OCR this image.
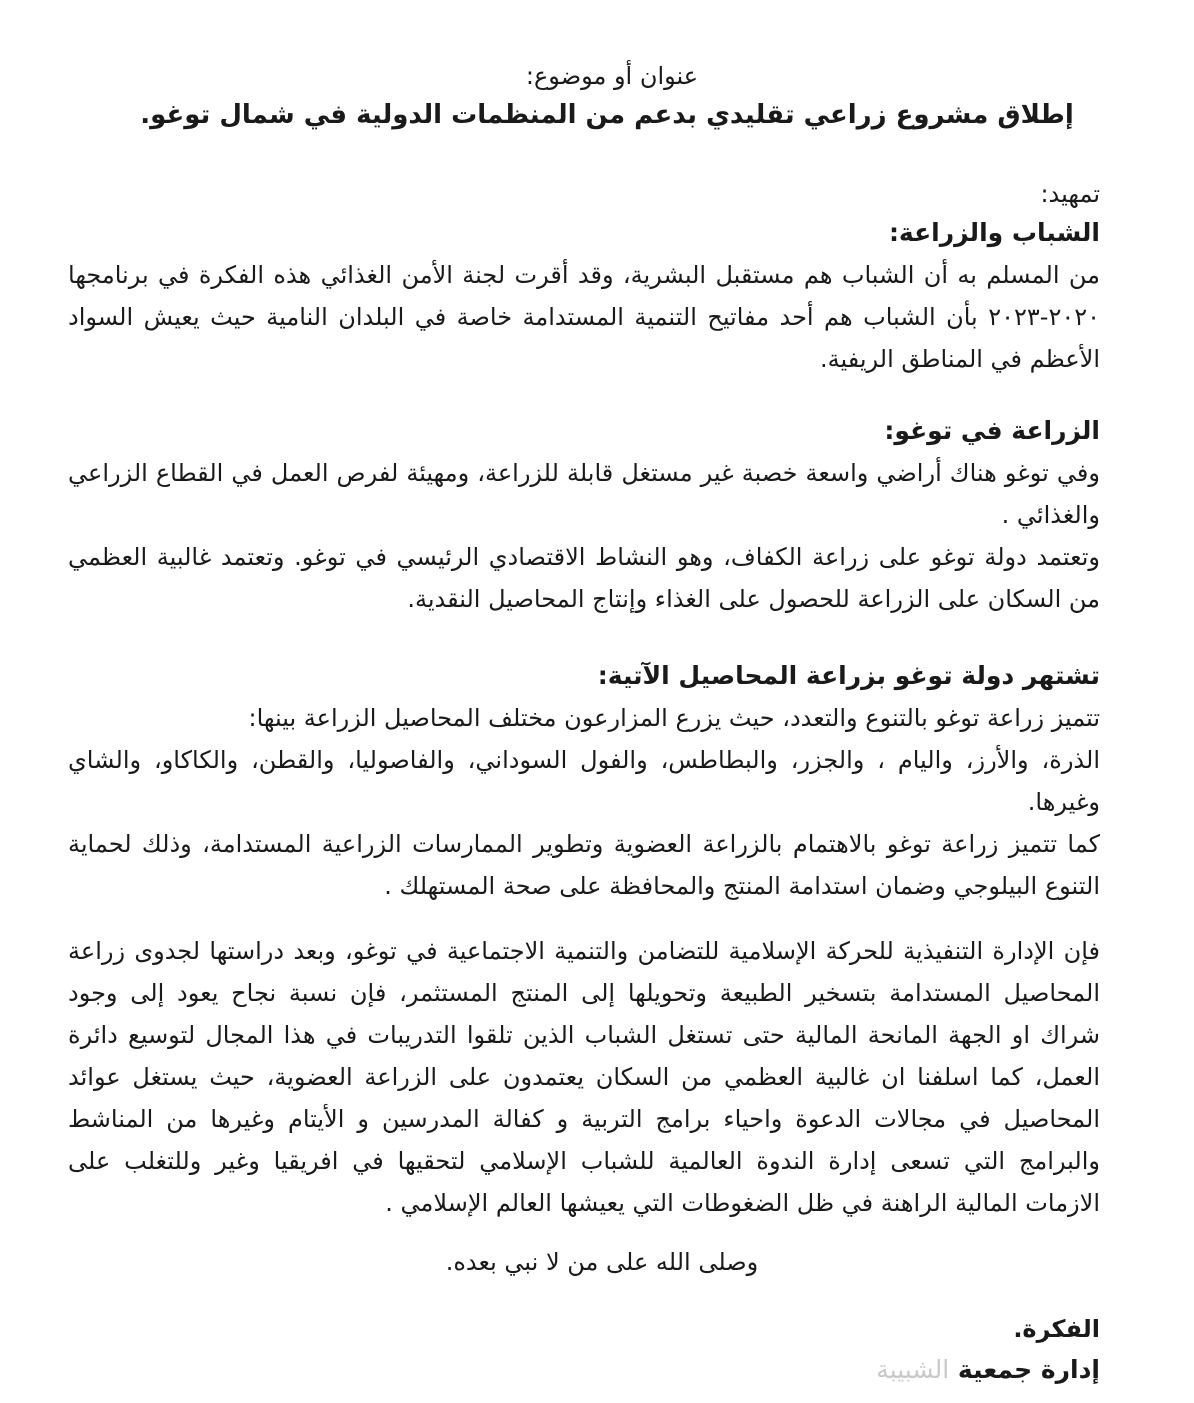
عنوان أو موضوع:
إطلاق مشروع زراعي تقليدي بدعم من المنظمات الدولية في شمال توغو.
تمهيد:

الشباب والزراعة:

من المسلم به أن الشباب هم مستقبل البشرية، وقد أقرت لجنة الأمن الغذائي هذه الفكرة في برنامجها ٢٠٢٠-٢٠٢٣ بأن الشباب هم أحد مفاتيح التنمية المستدامة خاصة في البلدان النامية حيث يعيش السواد الأعظم في المناطق الريفية.

الزراعة في توغو:

وفي توغو هناك أراضي واسعة خصبة غير مستغل قابلة للزراعة، ومهيئة لفرص العمل في القطاع الزراعي والغذائي .

وتعتمد دولة توغو على زراعة الكفاف، وهو النشاط الاقتصادي الرئيسي في توغو. وتعتمد غالبية العظمي من السكان على الزراعة للحصول على الغذاء وإنتاج المحاصيل النقدية.

تشتهر دولة توغو بزراعة المحاصيل الآتية:

تتميز زراعة توغو بالتنوع والتعدد، حيث يزرع المزارعون مختلف المحاصيل الزراعة بينها:

الذرة، والأرز، واليام ، والجزر، والبطاطس، والفول السوداني، والفاصوليا، والقطن، والكاكاو، والشاي وغيرها.

كما تتميز زراعة توغو بالاهتمام بالزراعة العضوية وتطوير الممارسات الزراعية المستدامة، وذلك لحماية التنوع البيلوجي وضمان استدامة المنتج والمحافظة على صحة المستهلك .

فإن الإدارة التنفيذية للحركة الإسلامية للتضامن والتنمية الاجتماعية في توغو، وبعد دراستها لجدوى زراعة المحاصيل المستدامة بتسخير الطبيعة وتحويلها إلى المنتج المستثمر، فإن نسبة نجاح يعود إلى وجود شراك او الجهة المانحة المالية حتى تستغل الشباب الذين تلقوا التدريبات في هذا المجال لتوسيع دائرة العمل، كما اسلفنا ان غالبية العظمي من السكان يعتمدون على الزراعة العضوية، حيث يستغل عوائد المحاصيل في مجالات الدعوة واحياء برامج التربية و كفالة المدرسين و الأيتام وغيرها من المناشط والبرامج التي تسعى إدارة الندوة العالمية للشباب الإسلامي لتحقيها في افريقيا وغير وللتغلب على الازمات المالية الراهنة في ظل الضغوطات التي يعيشها العالم الإسلامي .

وصلى الله على من لا نبي بعده.
الفكرة.
إدارة جمعية الشبيبة
